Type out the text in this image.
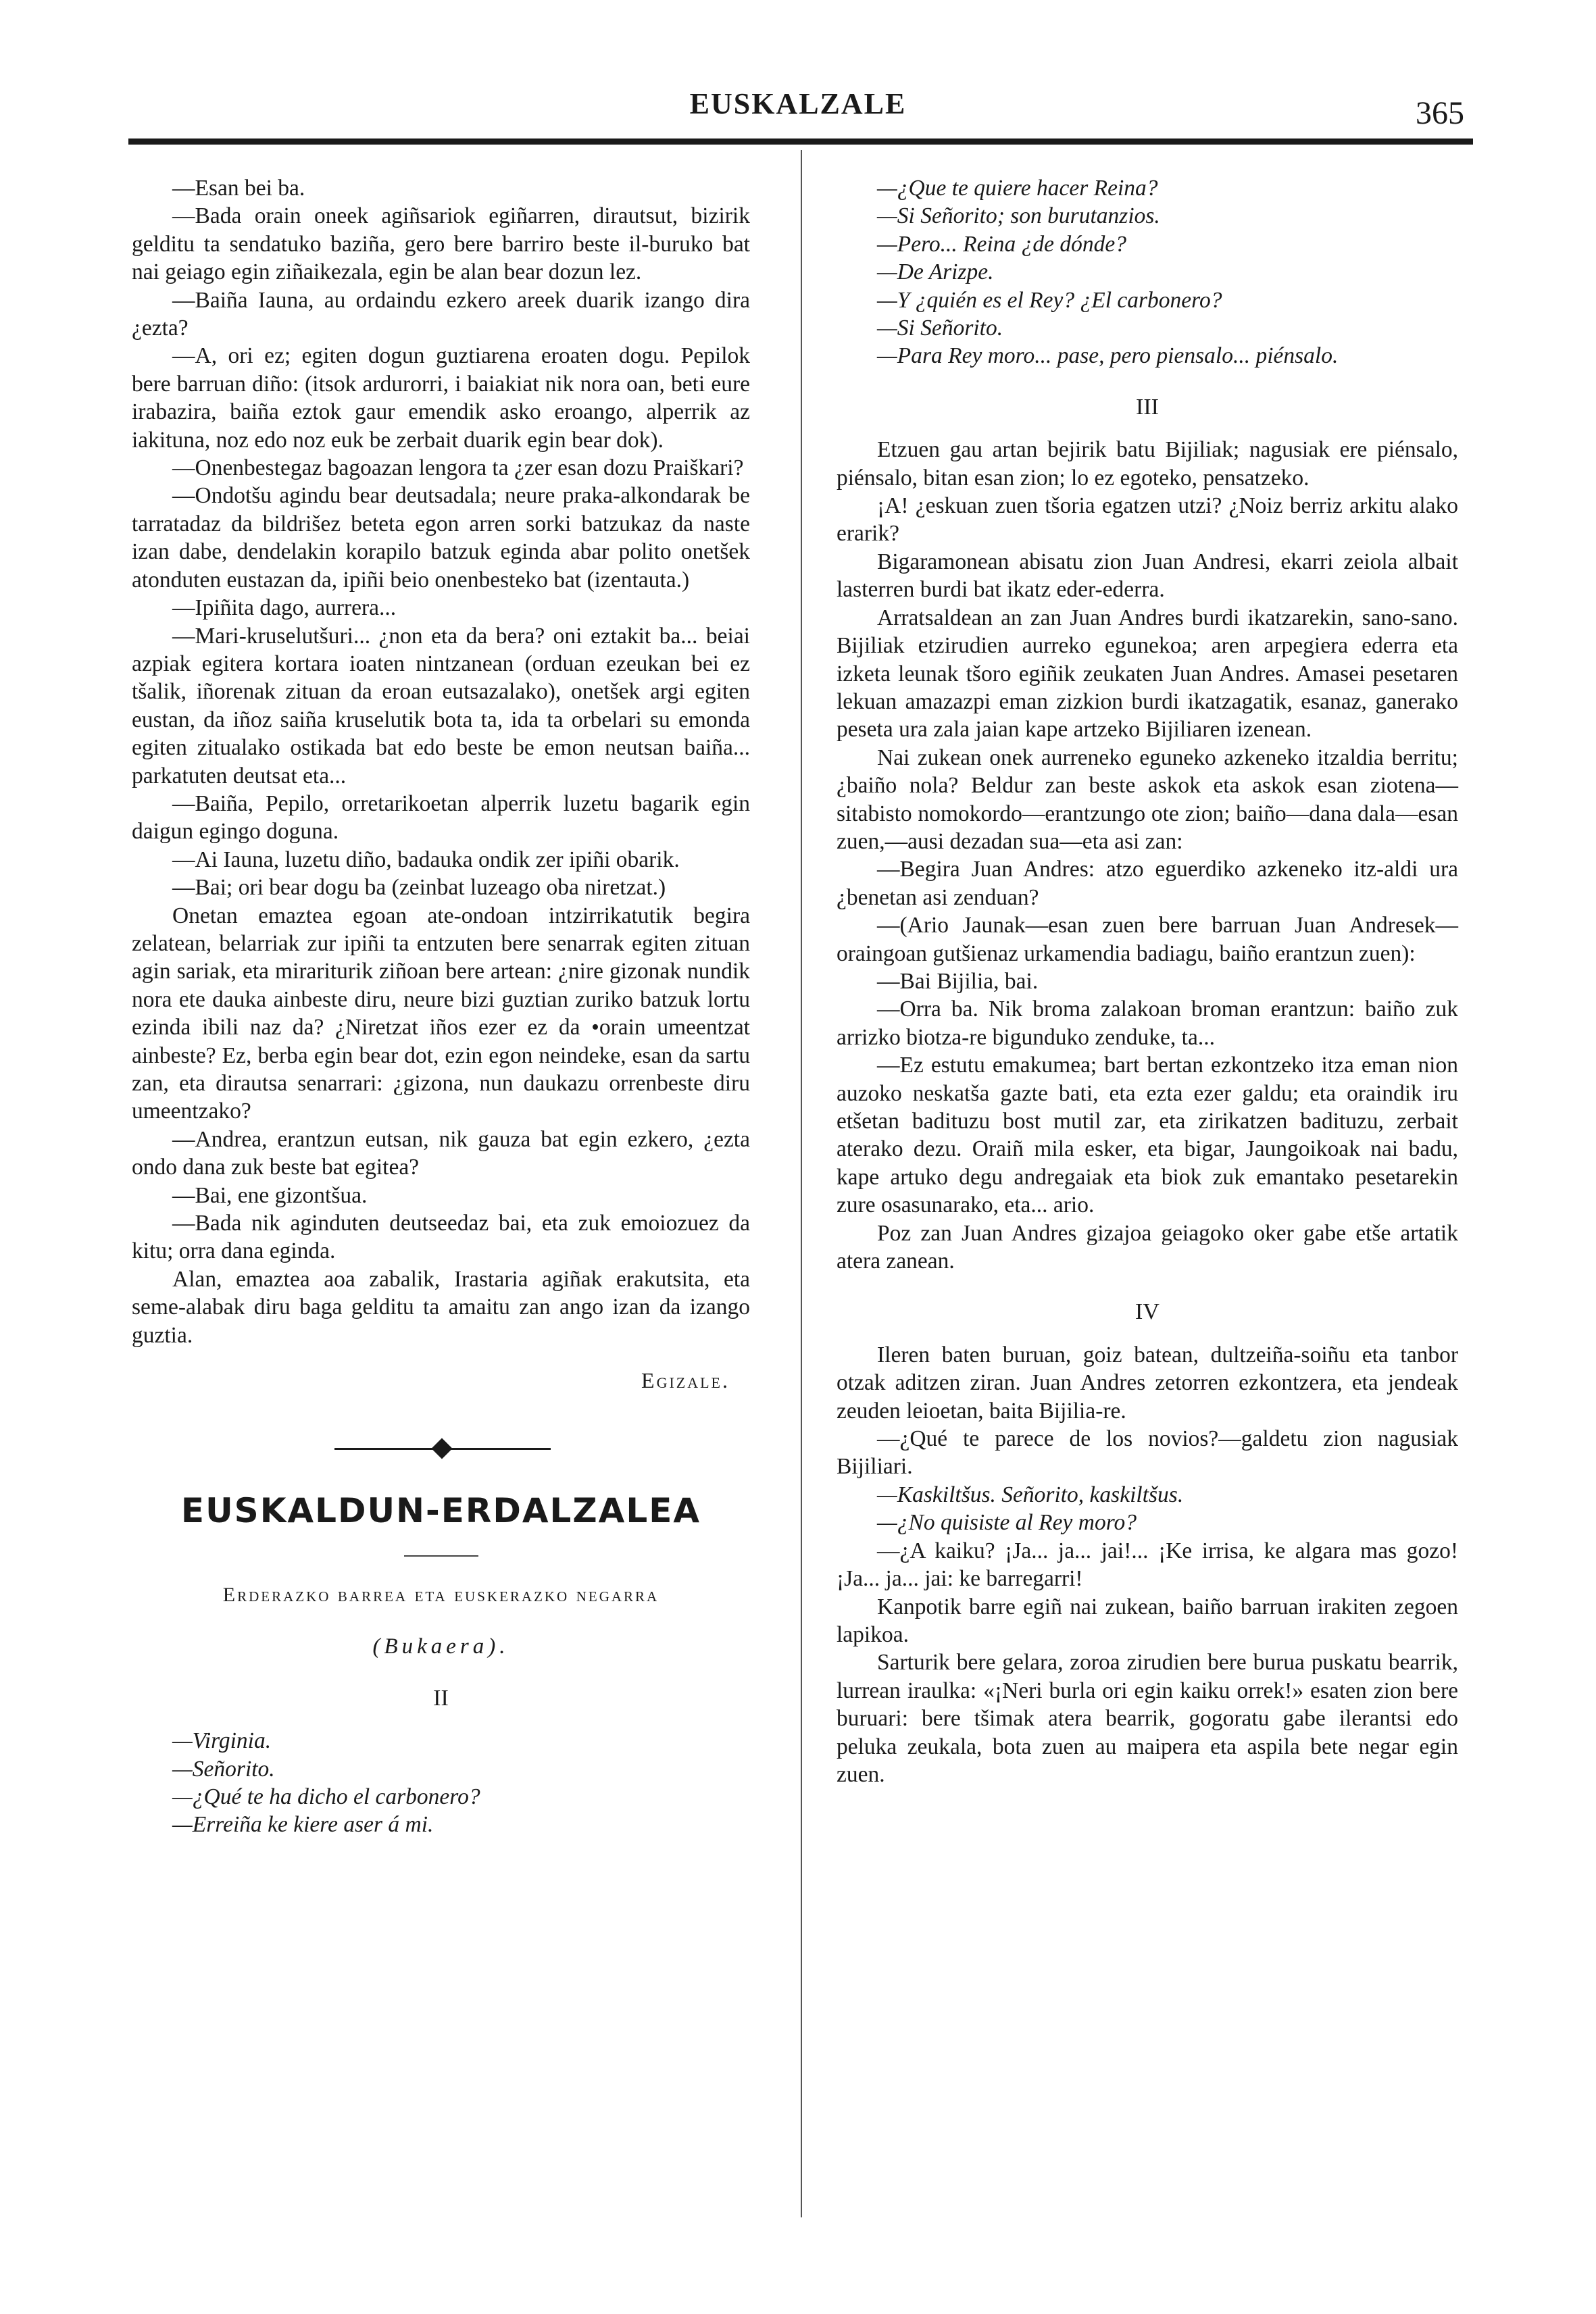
EUSKALZALE	365

—Esan bei ba.

—Bada orain oneek agiñsariok egiñarren, dirautsut, bizirik gelditu ta sendatuko baziña, gero bere barriro beste il-buruko bat nai geiago egin ziñaikezala, egin be alan bear dozun lez.

—Baiña Iauna, au ordaindu ezkero areek duarik izango dira ¿ezta?

—A, ori ez; egiten dogun guztiarena eroaten dogu. Pepilok bere barruan diño: (itsok ardurorri, i baiakiat nik nora oan, beti eure irabazira, baiña eztok gaur emendik asko eroango, alperrik az iakituna, noz edo noz euk be zerbait duarik egin bear dok).

—Onenbestegaz bagoazan lengora ta ¿zer esan dozu Praiškari?

—Ondotšu agindu bear deutsadala; neure praka-alkondarak be tarratadaz da bildrišez beteta egon arren sorki batzukaz da naste izan dabe, dendelakin korapilo batzuk eginda abar polito onetšek atonduten eustazan da, ipiñi beio onenbesteko bat (izentauta.)

—Ipiñita dago, aurrera...

—Mari-kruselutšuri... ¿non eta da bera? oni eztakit ba... beiai azpiak egitera kortara ioaten nintzanean (orduan ezeukan bei ez tšalik, iñorenak zituan da eroan eutsazalako), onetšek argi egiten eustan, da iñoz saiña kruselutik bota ta, ida ta orbelari su emonda egiten zitualako ostikada bat edo beste be emon neutsan baiña... parkatuten deutsat eta...

—Baiña, Pepilo, orretarikoetan alperrik luzetu bagarik egin daigun egingo doguna.

—Ai Iauna, luzetu diño, badauka ondik zer ipiñi obarik.

—Bai; ori bear dogu ba (zeinbat luzeago oba niretzat.)

Onetan emaztea egoan ate-ondoan intzirrikatutik begira zelatean, belarriak zur ipiñi ta entzuten bere senarrak egiten zituan agin sariak, eta mirariturik ziñoan bere artean: ¿nire gizonak nundik nora ete dauka ainbeste diru, neure bizi guztian zuriko batzuk lortu ezinda ibili naz da? ¿Niretzat iños ezer ez da •orain umeentzat ainbeste? Ez, berba egin bear dot, ezin egon neindeke, esan da sartu zan, eta dirautsa senarrari: ¿gizona, nun daukazu orrenbeste diru umeentzako?

—Andrea, erantzun eutsan, nik gauza bat egin ezkero, ¿ezta ondo dana zuk beste bat egitea?

—Bai, ene gizontšua.

—Bada nik aginduten deutseedaz bai, eta zuk emoiozuez da kitu; orra dana eginda.

Alan, emaztea aoa zabalik, Irastaria agiñak erakutsita, eta seme-alabak diru baga gelditu ta amaitu zan ango izan da izango guztia.

Egizale.
EUSKALDUN-ERDALZALEA
Erderazko barrea eta euskerazko negarra
(Bukaera).
II

—Virginia.

—Señorito.

—¿Qué te ha dicho el carbonero?

—Erreiña ke kiere aser á mi.

—¿Que te quiere hacer Reina?

—Si Señorito; son burutanzios.

—Pero... Reina ¿de dónde?

—De Arizpe.

—Y ¿quién es el Rey? ¿El carbonero?

—Si Señorito.

—Para Rey moro... pase, pero piensalo... piénsalo.

III

Etzuen gau artan bejirik batu Bijiliak; nagusiak ere piénsalo, piénsalo, bitan esan zion; lo ez egoteko, pensatzeko.

¡A! ¿eskuan zuen tšoria egatzen utzi? ¿Noiz berriz arkitu alako erarik?

Bigaramonean abisatu zion Juan Andresi, ekarri zeiola albait lasterren burdi bat ikatz eder-ederra.

Arratsaldean an zan Juan Andres burdi ikatzarekin, sano-sano. Bijiliak etzirudien aurreko egunekoa; aren arpegiera ederra eta izketa leunak tšoro egiñik zeukaten Juan Andres. Amasei pesetaren lekuan amazazpi eman zizkion burdi ikatzagatik, esanaz, ganerako peseta ura zala jaian kape artzeko Bijiliaren izenean.

Nai zukean onek aurreneko eguneko azkeneko itzaldia berritu; ¿baiño nola? Beldur zan beste askok eta askok esan ziotena—sitabisto nomokordo—erantzungo ote zion; baiño—dana dala—esan zuen,—ausi dezadan sua—eta asi zan:

—Begira Juan Andres: atzo eguerdiko azkeneko itz-aldi ura ¿benetan asi zenduan?

—(Ario Jaunak—esan zuen bere barruan Juan Andresek—oraingoan gutšienaz urkamendia badiagu, baiño erantzun zuen):

—Bai Bijilia, bai.

—Orra ba. Nik broma zalakoan broman erantzun: baiño zuk arrizko biotza-re bigunduko zenduke, ta...

—Ez estutu emakumea; bart bertan ezkontzeko itza eman nion auzoko neskatša gazte bati, eta ezta ezer galdu; eta oraindik iru etšetan badituzu bost mutil zar, eta zirikatzen badituzu, zerbait aterako dezu. Oraiñ mila esker, eta bigar, Jaungoikoak nai badu, kape artuko degu andregaiak eta biok zuk emantako pesetarekin zure osasunarako, eta... ario.

Poz zan Juan Andres gizajoa geiagoko oker gabe etše artatik atera zanean.

IV

Ileren baten buruan, goiz batean, dultzeiña-soiñu eta tanbor otzak aditzen ziran. Juan Andres zetorren ezkontzera, eta jendeak zeuden leioetan, baita Bijilia-re.

—¿Qué te parece de los novios?—galdetu zion nagusiak Bijiliari.

—Kaskiltšus. Señorito, kaskiltšus.

—¿No quisiste al Rey moro?

—¿A kaiku? ¡Ja... ja... jai!... ¡Ke irrisa, ke algara mas gozo! ¡Ja... ja... jai: ke barregarri!

Kanpotik barre egiñ nai zukean, baiño barruan irakiten zegoen lapikoa.

Sarturik bere gelara, zoroa zirudien bere burua puskatu bearrik, lurrean iraulka: «¡Neri burla ori egin kaiku orrek!» esaten zion bere buruari: bere tšimak atera bearrik, gogoratu gabe ilerantsi edo peluka zeukala, bota zuen au maipera eta aspila bete negar egin zuen.
